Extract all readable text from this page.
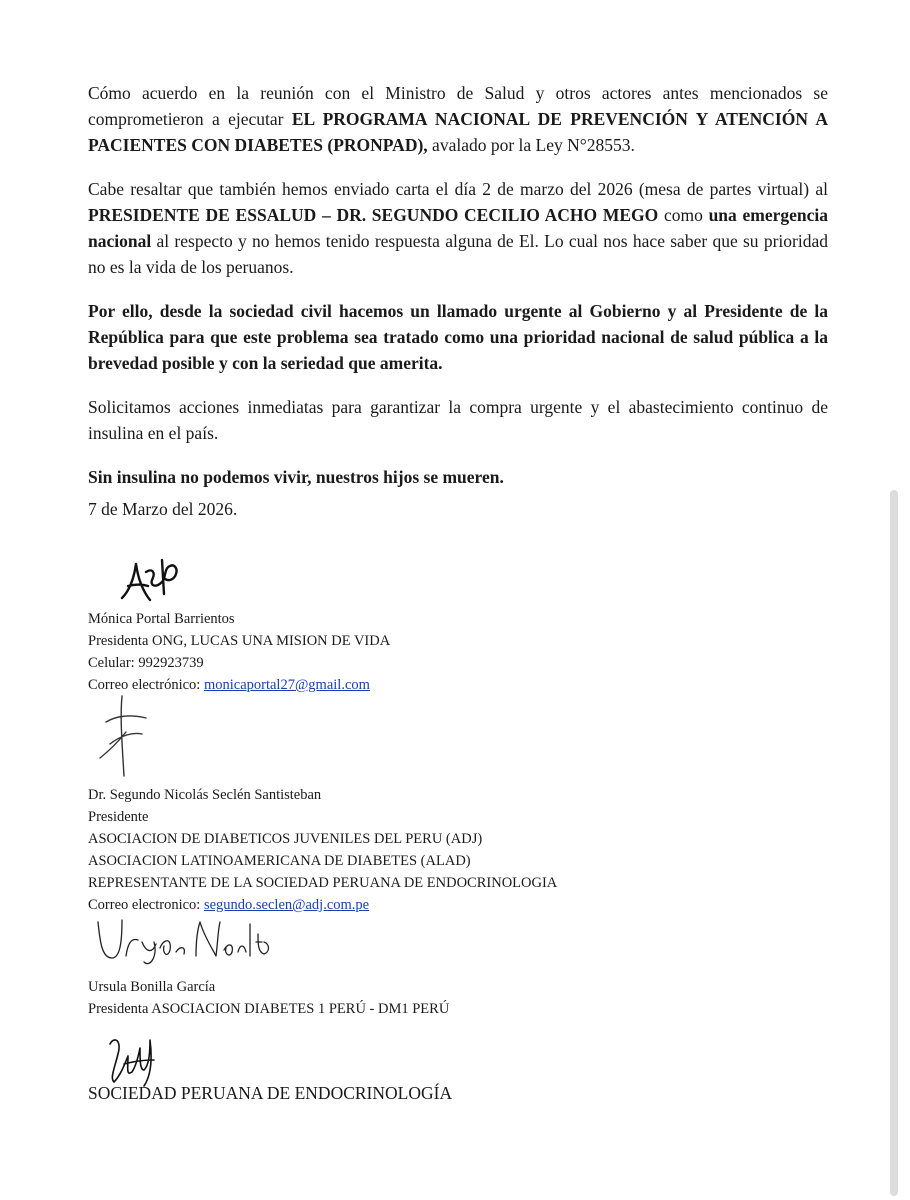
Cómo acuerdo en la reunión con el Ministro de Salud y otros actores antes mencionados se comprometieron a ejecutar EL PROGRAMA NACIONAL DE PREVENCIÓN Y ATENCIÓN A PACIENTES CON DIABETES (PRONPAD), avalado por la Ley N°28553.

Cabe resaltar que también hemos enviado carta el día 2 de marzo del 2026 (mesa de partes virtual) al PRESIDENTE DE ESSALUD – DR. SEGUNDO CECILIO ACHO MEGO como una emergencia nacional al respecto y no hemos tenido respuesta alguna de El. Lo cual nos hace saber que su prioridad no es la vida de los peruanos.

Por ello, desde la sociedad civil hacemos un llamado urgente al Gobierno y al Presidente de la República para que este problema sea tratado como una prioridad nacional de salud pública a la brevedad posible y con la seriedad que amerita.

Solicitamos acciones inmediatas para garantizar la compra urgente y el abastecimiento continuo de insulina en el país.

Sin insulina no podemos vivir, nuestros hijos se mueren.

7 de Marzo del 2026.

Mónica Portal Barrientos
Presidenta ONG, LUCAS UNA MISION DE VIDA
Celular: 992923739
Correo electrónico: monicaportal27@gmail.com
Dr. Segundo Nicolás Seclén Santisteban
Presidente
ASOCIACION DE DIABETICOS JUVENILES DEL PERU (ADJ)
ASOCIACION LATINOAMERICANA DE DIABETES (ALAD)
REPRESENTANTE DE LA SOCIEDAD PERUANA DE ENDOCRINOLOGIA
Correo electronico: segundo.seclen@adj.com.pe
Ursula Bonilla García
Presidenta ASOCIACION DIABETES 1 PERÚ - DM1 PERÚ
SOCIEDAD PERUANA DE ENDOCRINOLOGÍA
